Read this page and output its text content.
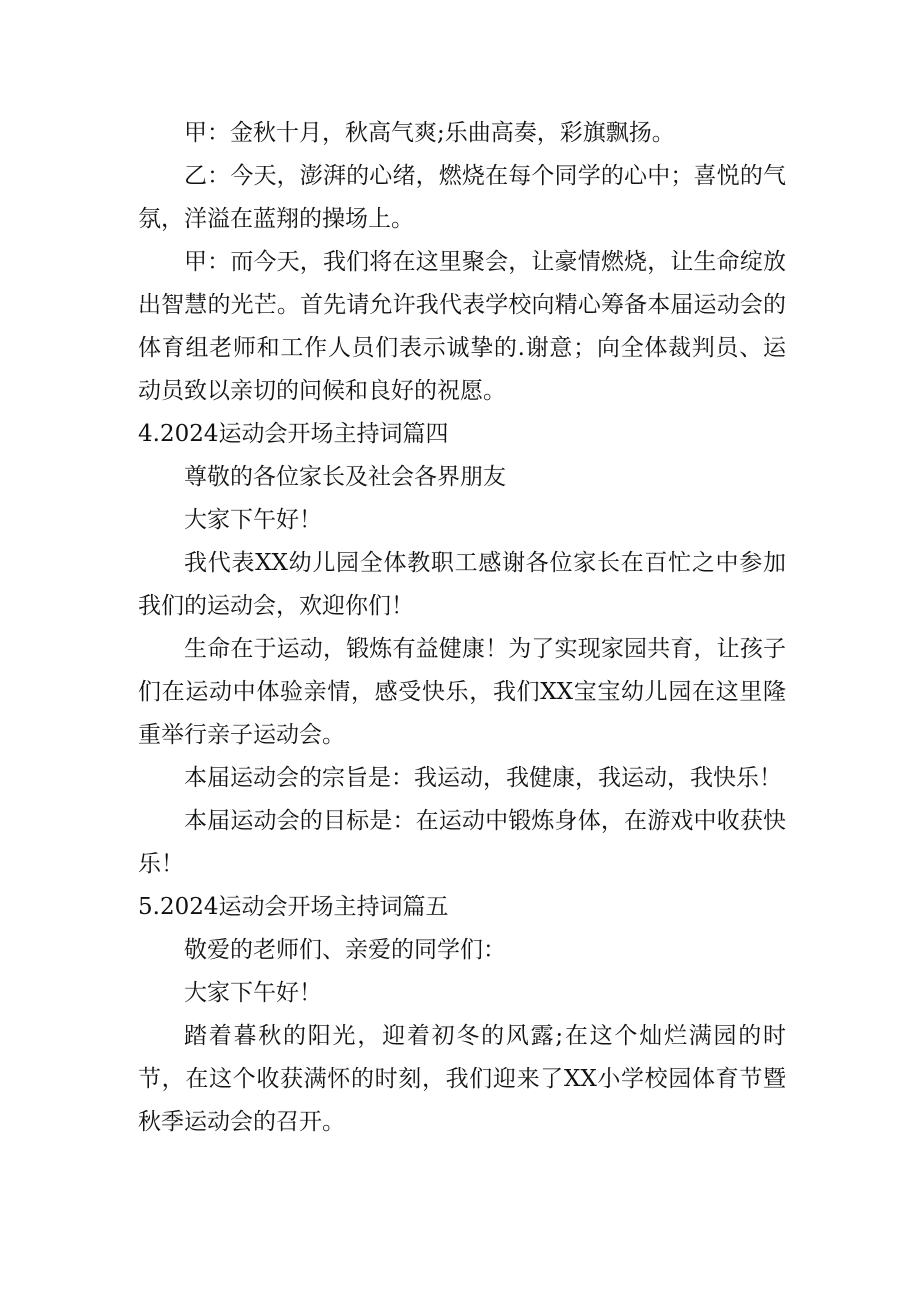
甲：金秋十月，秋高气爽;乐曲高奏，彩旗飘扬。

乙：今天，澎湃的心绪，燃烧在每个同学的心中；喜悦的气氛，洋溢在蓝翔的操场上。

甲：而今天，我们将在这里聚会，让豪情燃烧，让生命绽放出智慧的光芒。首先请允许我代表学校向精心筹备本届运动会的体育组老师和工作人员们表示诚挚的.谢意；向全体裁判员、运动员致以亲切的问候和良好的祝愿。

4.2024运动会开场主持词篇四

尊敬的各位家长及社会各界朋友

大家下午好！

我代表XX幼儿园全体教职工感谢各位家长在百忙之中参加我们的运动会，欢迎你们！

生命在于运动，锻炼有益健康！为了实现家园共育，让孩子们在运动中体验亲情，感受快乐，我们XX宝宝幼儿园在这里隆重举行亲子运动会。

本届运动会的宗旨是：我运动，我健康，我运动，我快乐！

本届运动会的目标是：在运动中锻炼身体，在游戏中收获快乐！

5.2024运动会开场主持词篇五

敬爱的老师们、亲爱的同学们：

大家下午好！

踏着暮秋的阳光，迎着初冬的风露;在这个灿烂满园的时节，在这个收获满怀的时刻，我们迎来了XX小学校园体育节暨秋季运动会的召开。
